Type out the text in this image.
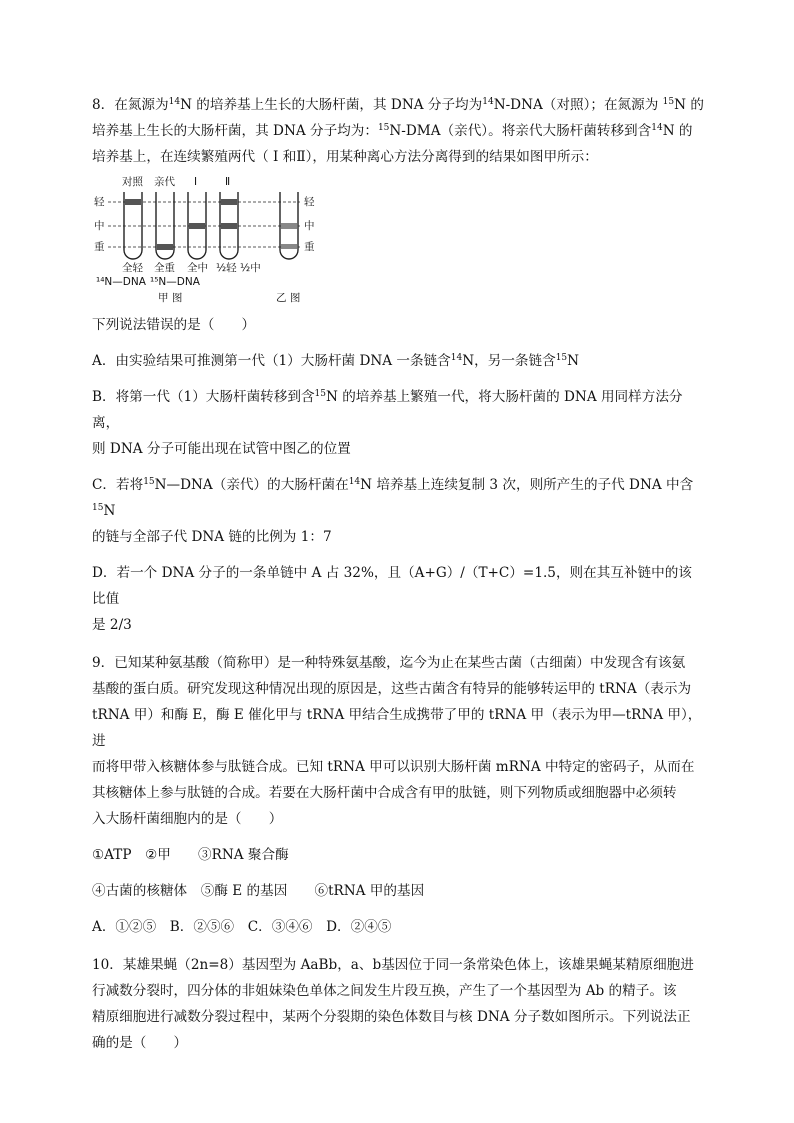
8．在氮源为$^{14}$N 的培养基上生长的大肠杆菌，其 DNA 分子均为$^{14}$N-DNA（对照）；在氮源为 $^{15}$N 的

培养基上生长的大肠杆菌，其 DNA 分子均为：$^{15}$N-DMA（亲代）。将亲代大肠杆菌转移到含$^{14}$N 的

培养基上，在连续繁殖两代（ I 和Ⅱ），用某种离心方法分离得到的结果如图甲所示：

对照 亲代 I	Ⅱ
轻
中
重
轻
中
重
全轻 全重 全中 ½轻 ½中
¹⁴N—DNA ¹⁵N—DNA
甲 图	乙 图

下列说法错误的是（　　）

A．由实验结果可推测第一代（1）大肠杆菌 DNA 一条链含$^{14}$N，另一条链含$^{15}$N

B．将第一代（1）大肠杆菌转移到含$^{15}$N 的培养基上繁殖一代，将大肠杆菌的 DNA 用同样方法分离，

则 DNA 分子可能出现在试管中图乙的位置

C．若将$^{15}$N—DNA（亲代）的大肠杆菌在$^{14}$N 培养基上连续复制 3 次，则所产生的子代 DNA 中含$^{15}$N

的链与全部子代 DNA 链的比例为 1：7

D．若一个 DNA 分子的一条单链中 A 占 32%，且（A+G）/（T+C）=1.5，则在其互补链中的该比值

是 2/3

9．已知某种氨基酸（简称甲）是一种特殊氨基酸，迄今为止在某些古菌（古细菌）中发现含有该氨

基酸的蛋白质。研究发现这种情况出现的原因是，这些古菌含有特异的能够转运甲的 tRNA（表示为

tRNA 甲）和酶 E，酶 E 催化甲与 tRNA 甲结合生成携带了甲的 tRNA 甲（表示为甲—tRNA 甲），进

而将甲带入核糖体参与肽链合成。已知 tRNA 甲可以识别大肠杆菌 mRNA 中特定的密码子，从而在

其核糖体上参与肽链的合成。若要在大肠杆菌中合成含有甲的肽链，则下列物质或细胞器中必须转

入大肠杆菌细胞内的是（　　）

①ATP　②甲　　③RNA 聚合酶

④古菌的核糖体　⑤酶 E 的基因　　⑥tRNA 甲的基因

A．①②⑤　B．②⑤⑥　C．③④⑥　D．②④⑤

10．某雄果蝇（2n=8）基因型为 AaBb，a、b基因位于同一条常染色体上，该雄果蝇某精原细胞进

行减数分裂时，四分体的非姐妹染色单体之间发生片段互换，产生了一个基因型为 Ab 的精子。该

精原细胞进行减数分裂过程中，某两个分裂期的染色体数目与核 DNA 分子数如图所示。下列说法正

确的是（　　）
